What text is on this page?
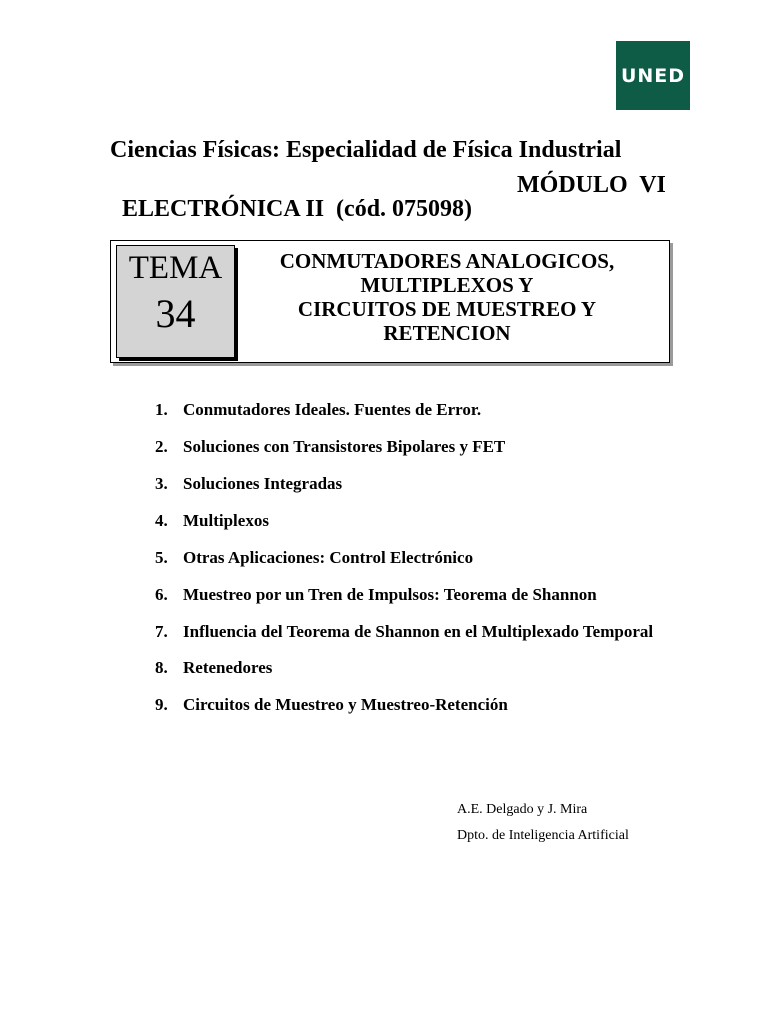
UNED
Ciencias Físicas: Especialidad de Física Industrial

ELECTRÓNICA II  (cód. 075098)

MÓDULO  VI

TEMA
34
CONMUTADORES ANALOGICOS,
MULTIPLEXOS Y
CIRCUITOS DE MUESTREO Y
RETENCION
1. Conmutadores Ideales. Fuentes de Error.
2. Soluciones con Transistores Bipolares y FET
3. Soluciones Integradas
4. Multiplexos
5. Otras Aplicaciones: Control Electrónico
6. Muestreo por un Tren de Impulsos: Teorema de Shannon
7. Influencia del Teorema de Shannon en el Multiplexado Temporal
8. Retenedores
9. Circuitos de Muestreo y Muestreo-Retención
A.E. Delgado y J. Mira
Dpto. de Inteligencia Artificial
